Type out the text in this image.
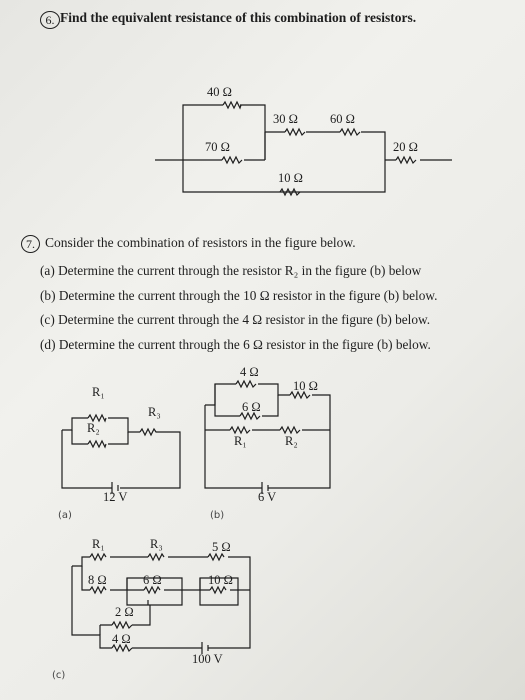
6. Find the equivalent resistance of this combination of resistors.
40 Ω
30 Ω	60 Ω
70 Ω	20 Ω
10 Ω
7. Consider the combination of resistors in the figure below.
(a) Determine the current through the resistor R₂ in the figure (b) below
(b) Determine the current through the 10 Ω resistor in the figure (b) below.
(c) Determine the current through the 4 Ω resistor in the figure (b) below.
(d) Determine the current through the 6 Ω resistor in the figure (b) below.
R₁
R₃
R₂
12 V
(a)
4 Ω
10 Ω
6 Ω
R₁	R₂
6 V
(b)
R₁	R₃	5 Ω
8 Ω	6 Ω	10 Ω
2 Ω
4 Ω
100 V
(c)
